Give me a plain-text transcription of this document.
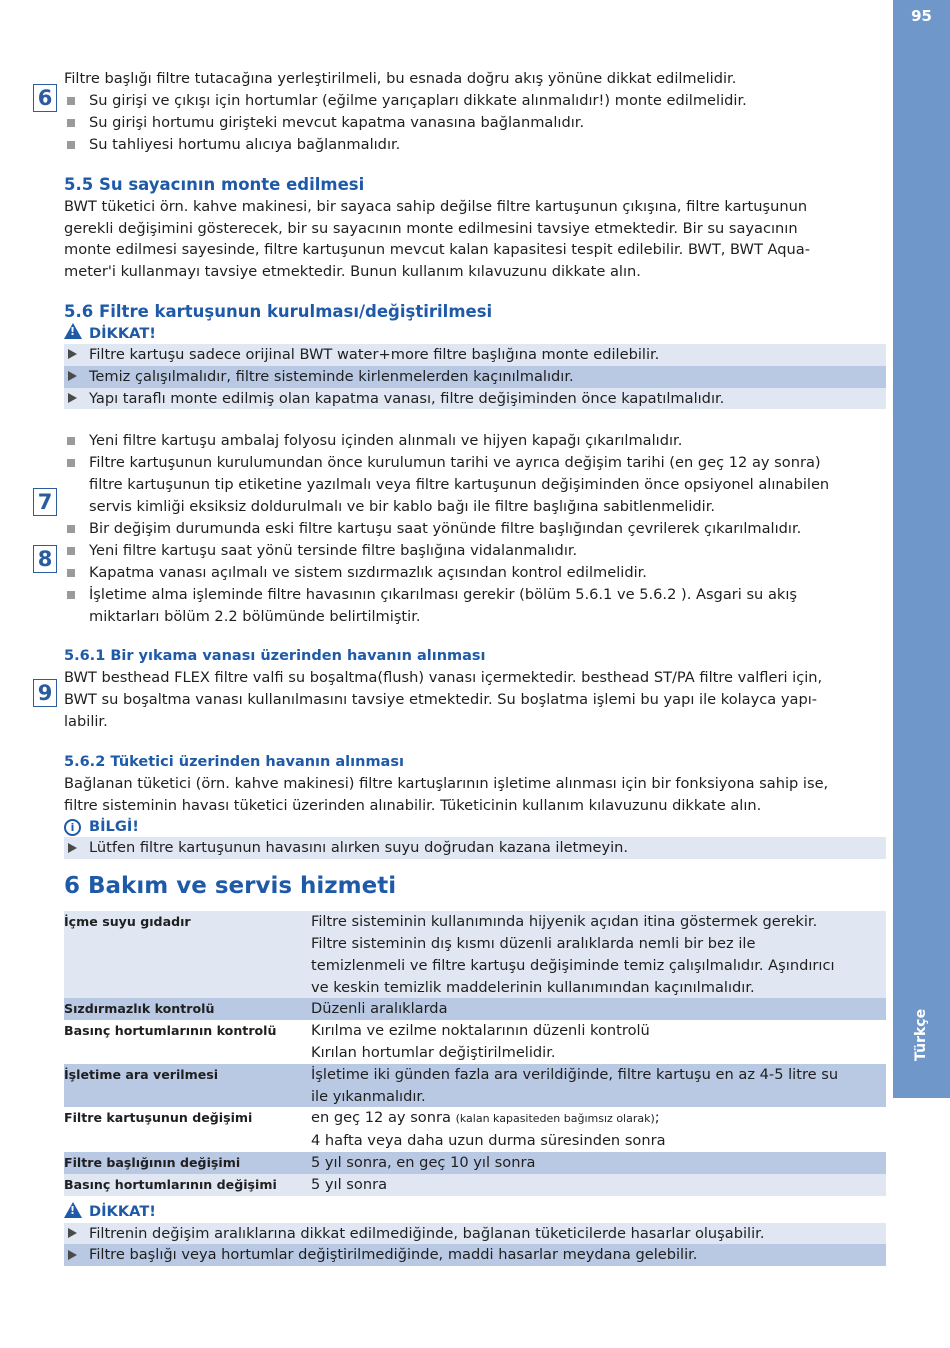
95
Türkçe
6
7
8
9
Filtre başlığı filtre tutacağına yerleştirilmeli, bu esnada doğru akış yönüne dikkat edilmelidir.
Su girişi ve çıkışı için hortumlar (eğilme yarıçapları dikkate alınmalıdır!) monte edilmelidir.
Su girişi hortumu girişteki mevcut kapatma vanasına bağlanmalıdır.
Su tahliyesi hortumu alıcıya bağlanmalıdır.
5.5 Su sayacının monte edilmesi
BWT tüketici örn. kahve makinesi, bir sayaca sahip değilse filtre kartuşunun çıkışına, filtre kartuşunun
gerekli değişimini gösterecek, bir su sayacının monte edilmesini tavsiye etmektedir. Bir su sayacının
monte edilmesi sayesinde, filtre kartuşunun mevcut kalan kapasitesi tespit edilebilir. BWT, BWT Aqua-
meter'i kullanmayı tavsiye etmektedir. Bunun kullanım kılavuzunu dikkate alın.
5.6 Filtre kartuşunun kurulması/değiştirilmesi
!
DİKKAT!
Filtre kartuşu sadece orijinal BWT water+more filtre başlığına monte edilebilir.
Temiz çalışılmalıdır, filtre sisteminde kirlenmelerden kaçınılmalıdır.
Yapı taraflı monte edilmiş olan kapatma vanası, filtre değişiminden önce kapatılmalıdır.
Yeni filtre kartuşu ambalaj folyosu içinden alınmalı ve hijyen kapağı çıkarılmalıdır.
Filtre kartuşunun kurulumundan önce kurulumun tarihi ve ayrıca değişim tarihi (en geç 12 ay sonra)
filtre kartuşunun tip etiketine yazılmalı veya filtre kartuşunun değişiminden önce opsiyonel alınabilen
servis kimliği eksiksiz doldurulmalı ve bir kablo bağı ile filtre başlığına sabitlenmelidir.
Bir değişim durumunda eski filtre kartuşu saat yönünde filtre başlığından çevrilerek çıkarılmalıdır.
Yeni filtre kartuşu saat yönü tersinde filtre başlığına vidalanmalıdır.
Kapatma vanası açılmalı ve sistem sızdırmazlık açısından kontrol edilmelidir.
İşletime alma işleminde filtre havasının çıkarılması gerekir (bölüm 5.6.1 ve 5.6.2 ). Asgari su akış
miktarları bölüm 2.2 bölümünde belirtilmiştir.
5.6.1 Bir yıkama vanası üzerinden havanın alınması
BWT besthead FLEX filtre valfi su boşaltma(flush) vanası içermektedir. besthead ST/PA filtre valfleri için,
BWT su boşaltma vanası kullanılmasını tavsiye etmektedir. Su boşlatma işlemi bu yapı ile kolayca yapı-
labilir.
5.6.2 Tüketici üzerinden havanın alınması
Bağlanan tüketici (örn. kahve makinesi) filtre kartuşlarının işletime alınması için bir fonksiyona sahip ise,
filtre sisteminin havası tüketici üzerinden alınabilir. Tüketicinin kullanım kılavuzunu dikkate alın.
i	BİLGİ!
Lütfen filtre kartuşunun havasını alırken suyu doğrudan kazana iletmeyin.
6 Bakım ve servis hizmeti
İçme suyu gıdadır	Filtre sisteminin kullanımında hijyenik açıdan itina göstermek gerekir.
Filtre sisteminin dış kısmı düzenli aralıklarda nemli bir bez ile
temizlenmeli ve filtre kartuşu değişiminde temiz çalışılmalıdır. Aşındırıcı
ve keskin temizlik maddelerinin kullanımından kaçınılmalıdır.
Sızdırmazlık kontrolü	Düzenli aralıklarda
Basınç hortumlarının kontrolü	Kırılma ve ezilme noktalarının düzenli kontrolü
Kırılan hortumlar değiştirilmelidir.
İşletime ara verilmesi	İşletime iki günden fazla ara verildiğinde, filtre kartuşu en az 4-5 litre su
ile yıkanmalıdır.
Filtre kartuşunun değişimi	en geç 12 ay sonra (kalan kapasiteden bağımsız olarak);
4 hafta veya daha uzun durma süresinden sonra
Filtre başlığının değişimi	5 yıl sonra, en geç 10 yıl sonra
Basınç hortumlarının değişimi	5 yıl sonra
!
DİKKAT!
Filtrenin değişim aralıklarına dikkat edilmediğinde, bağlanan tüketicilerde hasarlar oluşabilir.
Filtre başlığı veya hortumlar değiştirilmediğinde, maddi hasarlar meydana gelebilir.
